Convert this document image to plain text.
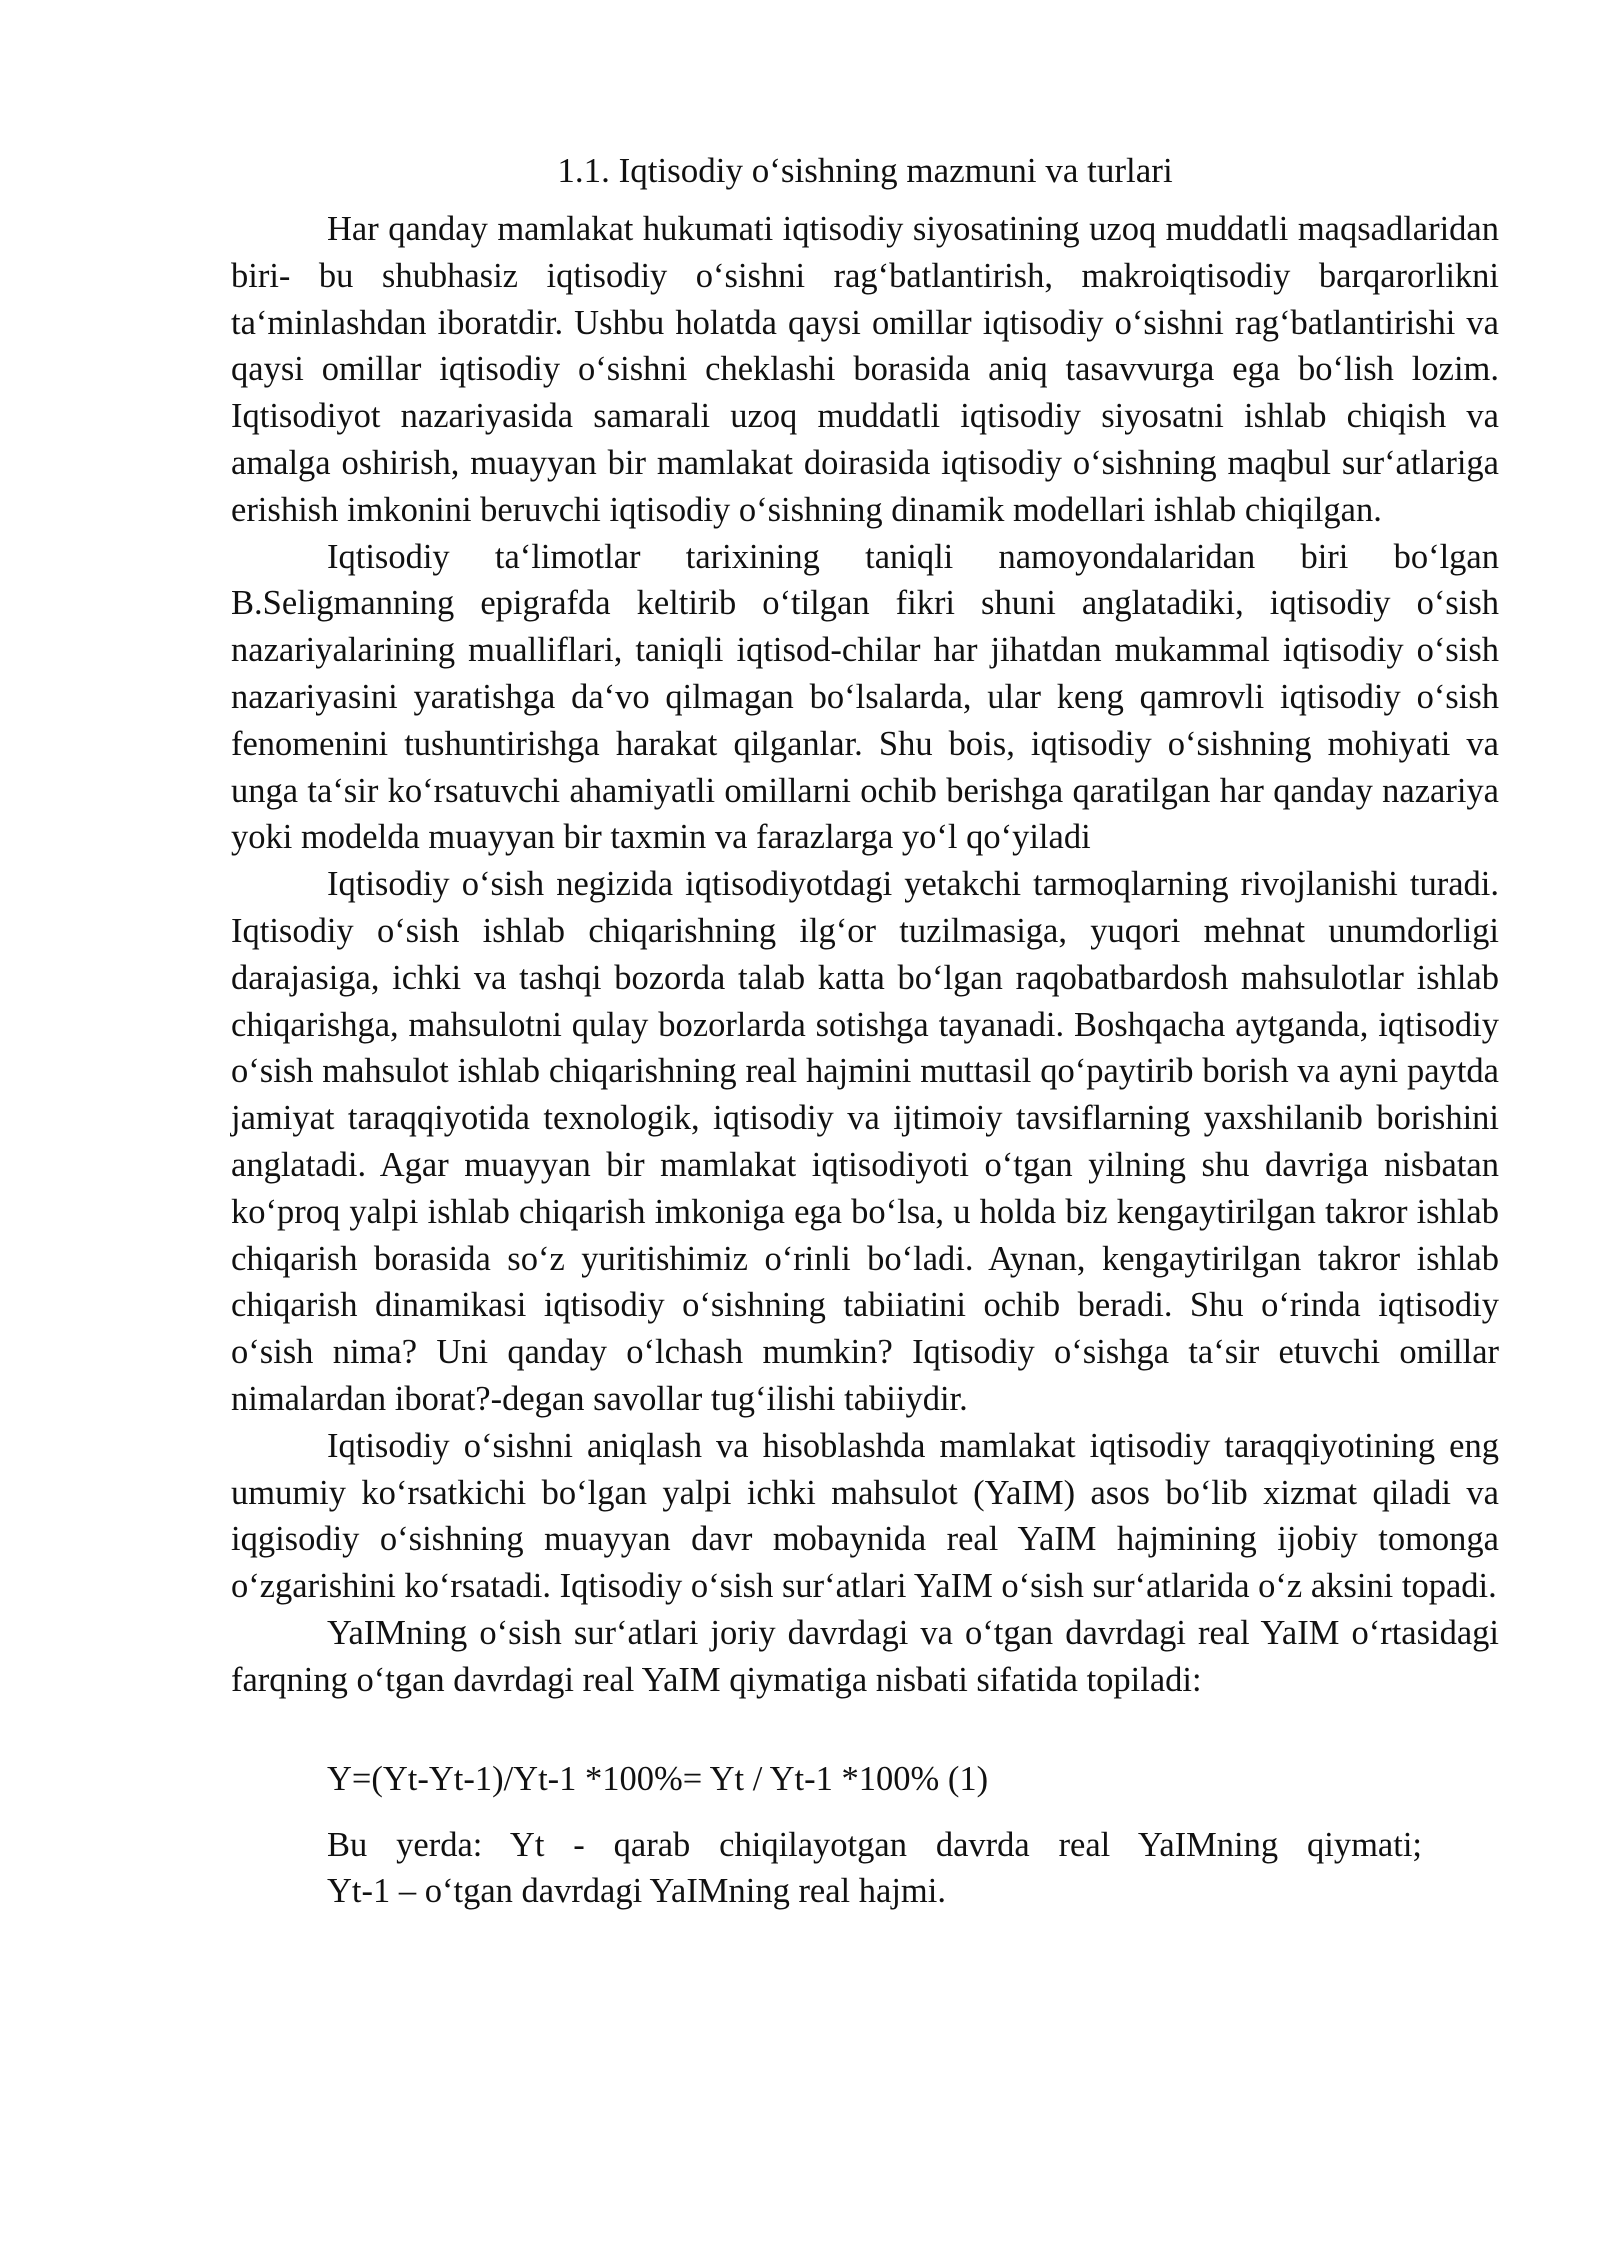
1.1. Iqtisodiy o‘sishning mazmuni va turlari

Har qanday mamlakat hukumati iqtisodiy siyosatining uzoq muddatli maqsadlaridan biri- bu shubhasiz iqtisodiy o‘sishni rag‘batlantirish, makroiqtisodiy barqarorlikni ta‘minlashdan iboratdir. Ushbu holatda qaysi omillar iqtisodiy o‘sishni rag‘batlantirishi va qaysi omillar iqtisodiy o‘sishni cheklashi borasida aniq tasavvurga ega bo‘lish lozim. Iqtisodiyot nazariyasida samarali uzoq muddatli iqtisodiy siyosatni ishlab chiqish va amalga oshirish, muayyan bir mamlakat doirasida iqtisodiy o‘sishning maqbul sur‘atlariga erishish imkonini beruvchi iqtisodiy o‘sishning dinamik modellari ishlab chiqilgan.

Iqtisodiy ta‘limotlar tarixining taniqli namoyondalaridan biri bo‘lgan B.Seligmanning epigrafda keltirib o‘tilgan fikri shuni anglatadiki, iqtisodiy o‘sish nazariyalarining mualliflari, taniqli iqtisod-chilar har jihatdan mukammal iqtisodiy o‘sish nazariyasini yaratishga da‘vo qilmagan bo‘lsalarda, ular keng qamrovli iqtisodiy o‘sish fenomenini tushuntirishga harakat qilganlar. Shu bois, iqtisodiy o‘sishning mohiyati va unga ta‘sir ko‘rsatuvchi ahamiyatli omillarni ochib berishga qaratilgan har qanday nazariya yoki modelda muayyan bir taxmin va farazlarga yo‘l qo‘yiladi

Iqtisodiy o‘sish negizida iqtisodiyotdagi yetakchi tarmoqlarning rivojlanishi turadi. Iqtisodiy o‘sish ishlab chiqarishning ilg‘or tuzilmasiga, yuqori mehnat unumdorligi darajasiga, ichki va tashqi bozorda talab katta bo‘lgan raqobatbardosh mahsulotlar ishlab chiqarishga, mahsulotni qulay bozorlarda sotishga tayanadi. Boshqacha aytganda, iqtisodiy o‘sish mahsulot ishlab chiqarishning real hajmini muttasil qo‘paytirib borish va ayni paytda jamiyat taraqqiyotida texnologik, iqtisodiy va ijtimoiy tavsiflarning yaxshilanib borishini anglatadi. Agar muayyan bir mamlakat iqtisodiyoti o‘tgan yilning shu davriga nisbatan ko‘proq yalpi ishlab chiqarish imkoniga ega bo‘lsa, u holda biz kengaytirilgan takror ishlab chiqarish borasida so‘z yuritishimiz o‘rinli bo‘ladi. Aynan, kengaytirilgan takror ishlab chiqarish dinamikasi iqtisodiy o‘sishning tabiiatini ochib beradi. Shu o‘rinda iqtisodiy o‘sish nima? Uni qanday o‘lchash mumkin? Iqtisodiy o‘sishga ta‘sir etuvchi omillar nimalardan iborat?-degan savollar tug‘ilishi tabiiydir.

Iqtisodiy o‘sishni aniqlash va hisoblashda mamlakat iqtisodiy taraqqiyotining eng umumiy ko‘rsatkichi bo‘lgan yalpi ichki mahsulot (YaIM) asos bo‘lib xizmat qiladi va iqgisodiy o‘sishning muayyan davr mobaynida real YaIM hajmining ijobiy tomonga o‘zgarishini ko‘rsatadi. Iqtisodiy o‘sish sur‘atlari YaIM o‘sish sur‘atlarida o‘z aksini topadi.

YaIMning o‘sish sur‘atlari joriy davrdagi va o‘tgan davrdagi real YaIM o‘rtasidagi farqning o‘tgan davrdagi real YaIM qiymatiga nisbati sifatida topiladi:

Y=(Yt-Yt-1)/Yt-1 *100%= Yt / Yt-1 *100% (1)
Bu yerda: Yt - qarab chiqilayotgan davrda real YaIMning qiymati;
Yt-1 – o‘tgan davrdagi YaIMning real hajmi.
